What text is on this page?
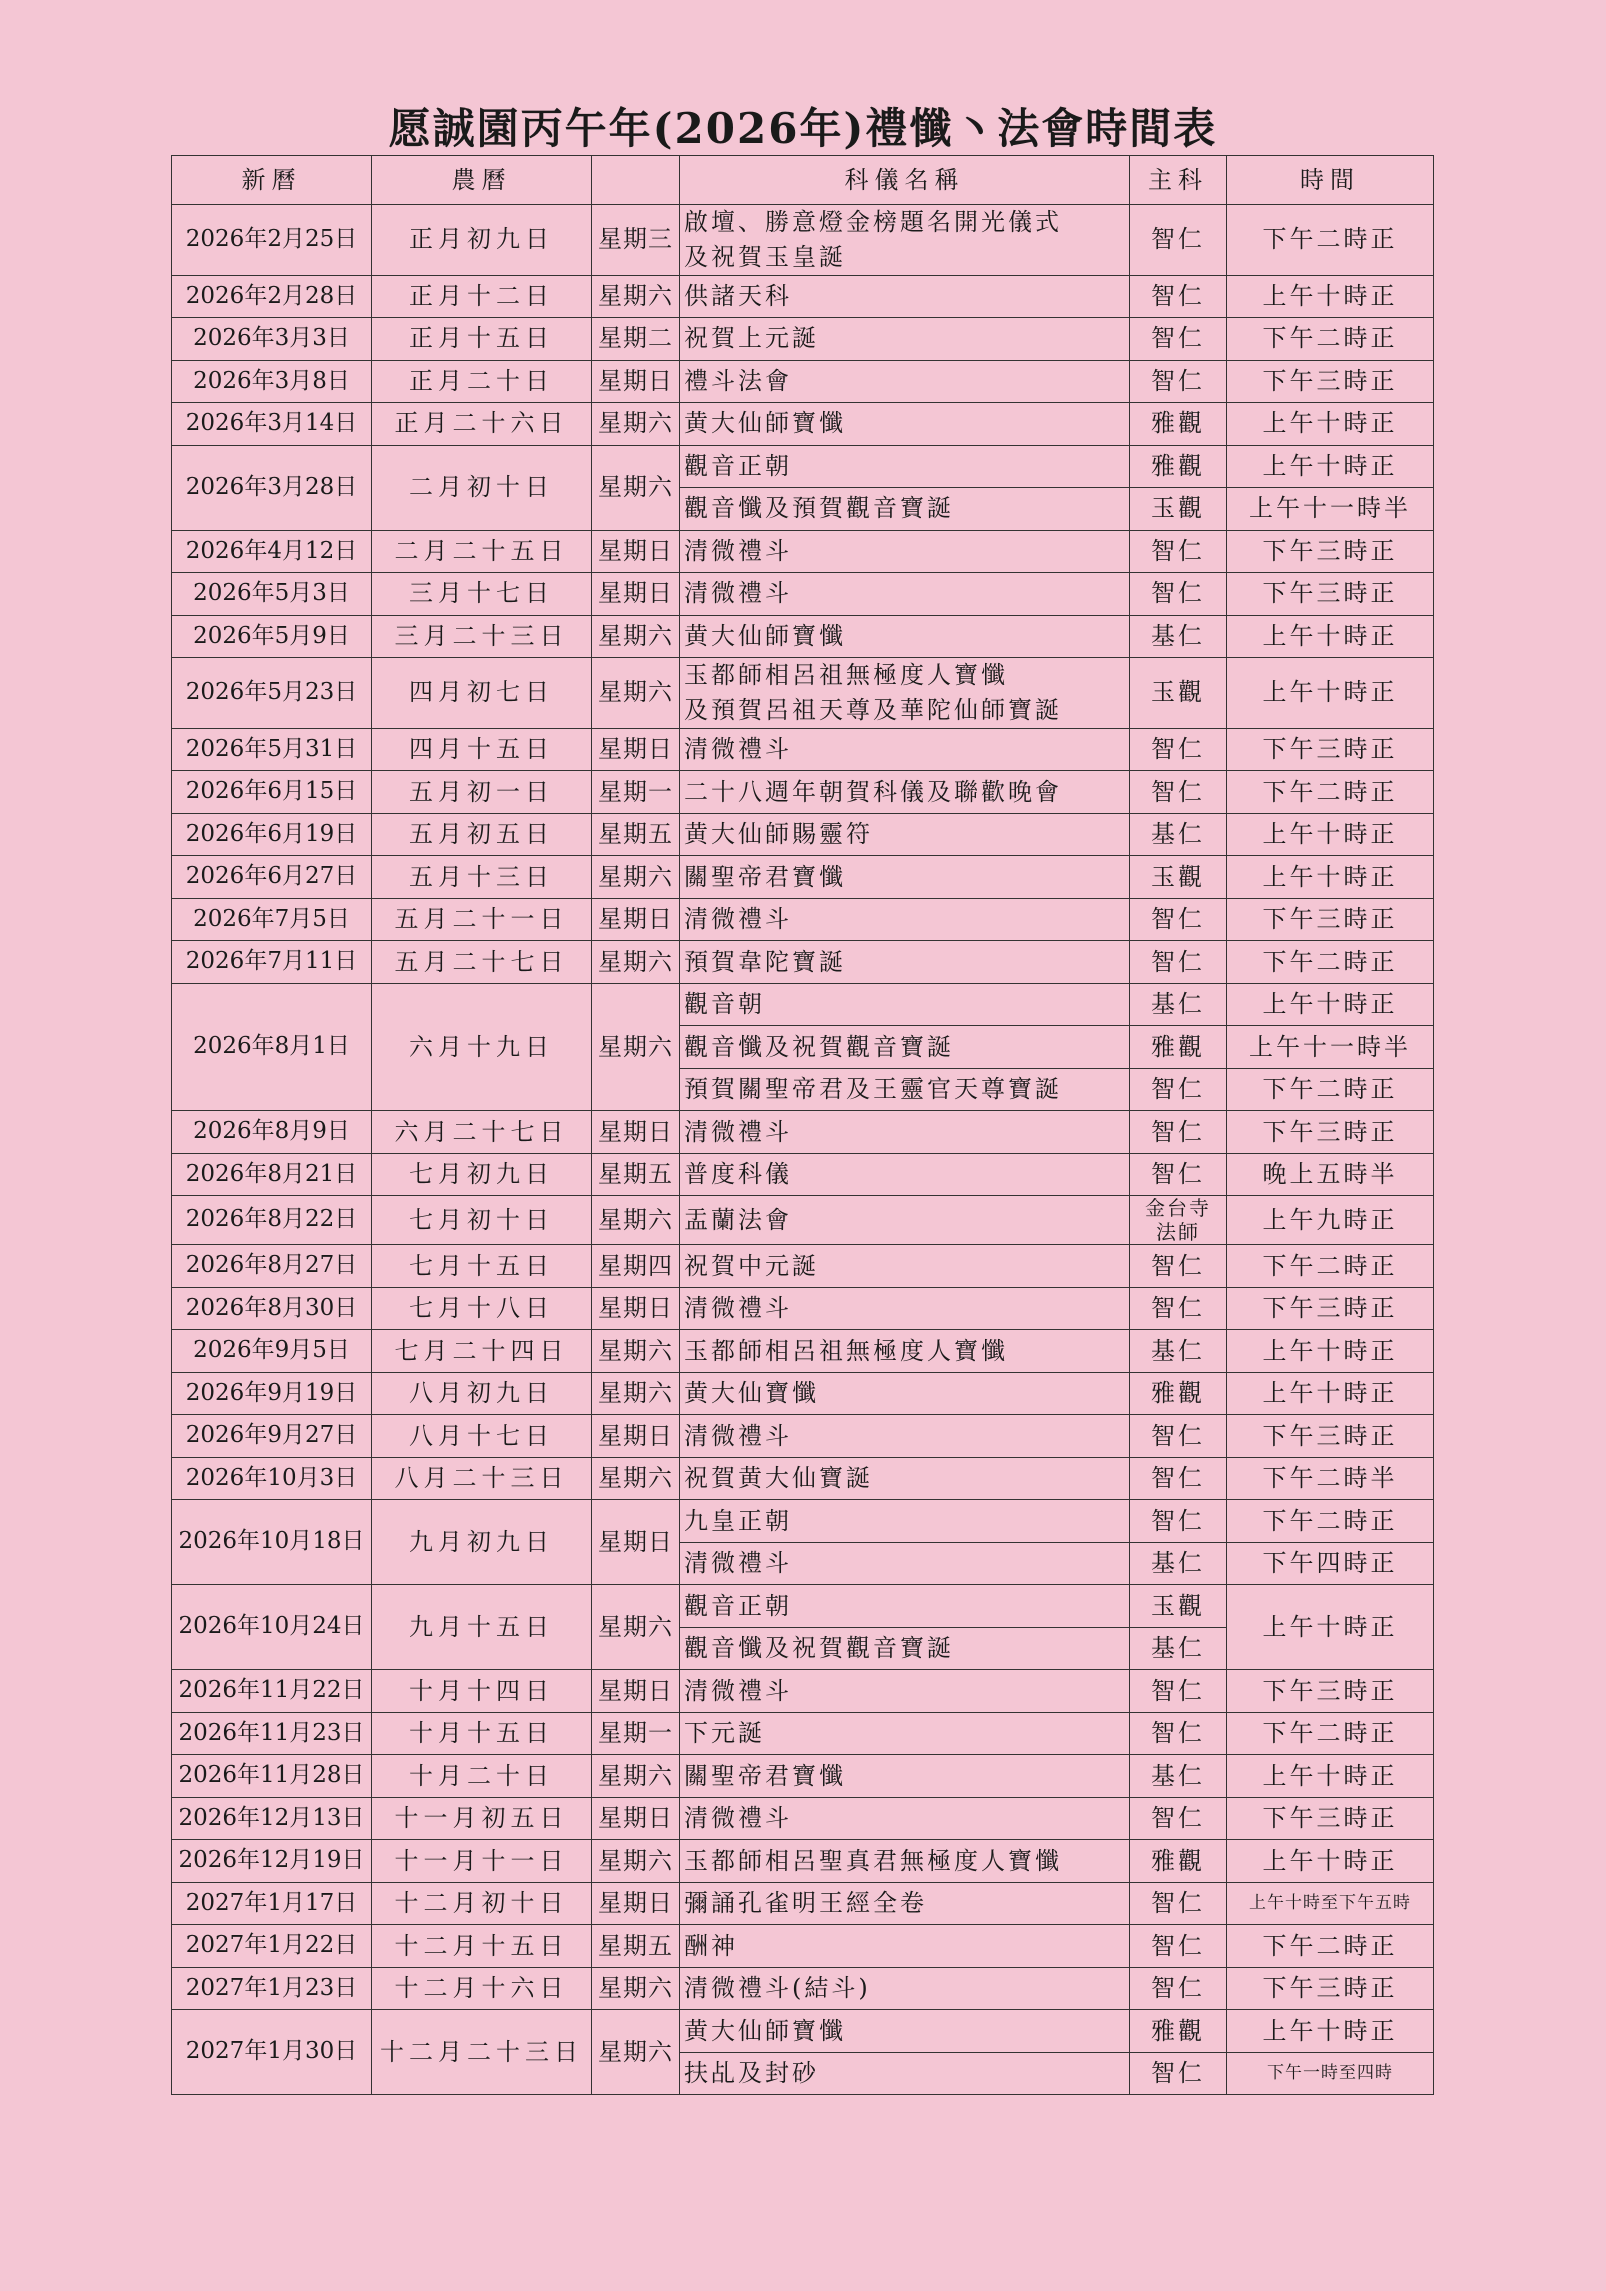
愿誠園丙午年(2026年)禮懺丶法會時間表
新曆	農曆		科儀名稱	主科	時間
2026年2月25日	正月初九日	星期三	啟壇、勝意燈金榜題名開光儀式
及祝賀玉皇誕	智仁	下午二時正
2026年2月28日	正月十二日	星期六	供諸天科	智仁	上午十時正
2026年3月3日	正月十五日	星期二	祝賀上元誕	智仁	下午二時正
2026年3月8日	正月二十日	星期日	禮斗法會	智仁	下午三時正
2026年3月14日	正月二十六日	星期六	黄大仙師寶懺	雅觀	上午十時正
2026年3月28日	二月初十日	星期六	觀音正朝	雅觀	上午十時正
			觀音懺及預賀觀音寶誕	玉觀	上午十一時半
2026年4月12日	二月二十五日	星期日	清微禮斗	智仁	下午三時正
2026年5月3日	三月十七日	星期日	清微禮斗	智仁	下午三時正
2026年5月9日	三月二十三日	星期六	黄大仙師寶懺	基仁	上午十時正
2026年5月23日	四月初七日	星期六	玉都師相呂祖無極度人寶懺
及預賀呂祖天尊及華陀仙師寶誕	玉觀	上午十時正
2026年5月31日	四月十五日	星期日	清微禮斗	智仁	下午三時正
2026年6月15日	五月初一日	星期一	二十八週年朝賀科儀及聯歡晚會	智仁	下午二時正
2026年6月19日	五月初五日	星期五	黄大仙師賜靈符	基仁	上午十時正
2026年6月27日	五月十三日	星期六	關聖帝君寶懺	玉觀	上午十時正
2026年7月5日	五月二十一日	星期日	清微禮斗	智仁	下午三時正
2026年7月11日	五月二十七日	星期六	預賀韋陀寶誕	智仁	下午二時正
2026年8月1日	六月十九日	星期六	觀音朝	基仁	上午十時正
			觀音懺及祝賀觀音寶誕	雅觀	上午十一時半
			預賀關聖帝君及王靈官天尊寶誕	智仁	下午二時正
2026年8月9日	六月二十七日	星期日	清微禮斗	智仁	下午三時正
2026年8月21日	七月初九日	星期五	普度科儀	智仁	晚上五時半
2026年8月22日	七月初十日	星期六	盂蘭法會	金台寺
法師	上午九時正
2026年8月27日	七月十五日	星期四	祝賀中元誕	智仁	下午二時正
2026年8月30日	七月十八日	星期日	清微禮斗	智仁	下午三時正
2026年9月5日	七月二十四日	星期六	玉都師相呂祖無極度人寶懺	基仁	上午十時正
2026年9月19日	八月初九日	星期六	黄大仙寶懺	雅觀	上午十時正
2026年9月27日	八月十七日	星期日	清微禮斗	智仁	下午三時正
2026年10月3日	八月二十三日	星期六	祝賀黄大仙寶誕	智仁	下午二時半
2026年10月18日	九月初九日	星期日	九皇正朝	智仁	下午二時正
			清微禮斗	基仁	下午四時正
2026年10月24日	九月十五日	星期六	觀音正朝	玉觀	上午十時正
			觀音懺及祝賀觀音寶誕	基仁	
2026年11月22日	十月十四日	星期日	清微禮斗	智仁	下午三時正
2026年11月23日	十月十五日	星期一	下元誕	智仁	下午二時正
2026年11月28日	十月二十日	星期六	關聖帝君寶懺	基仁	上午十時正
2026年12月13日	十一月初五日	星期日	清微禮斗	智仁	下午三時正
2026年12月19日	十一月十一日	星期六	玉都師相呂聖真君無極度人寶懺	雅觀	上午十時正
2027年1月17日	十二月初十日	星期日	彌誦孔雀明王經全卷	智仁	上午十時至下午五時
2027年1月22日	十二月十五日	星期五	酬神	智仁	下午二時正
2027年1月23日	十二月十六日	星期六	清微禮斗(結斗)	智仁	下午三時正
2027年1月30日	十二月二十三日	星期六	黄大仙師寶懺	雅觀	上午十時正
			扶乩及封砂	智仁	下午一時至四時
